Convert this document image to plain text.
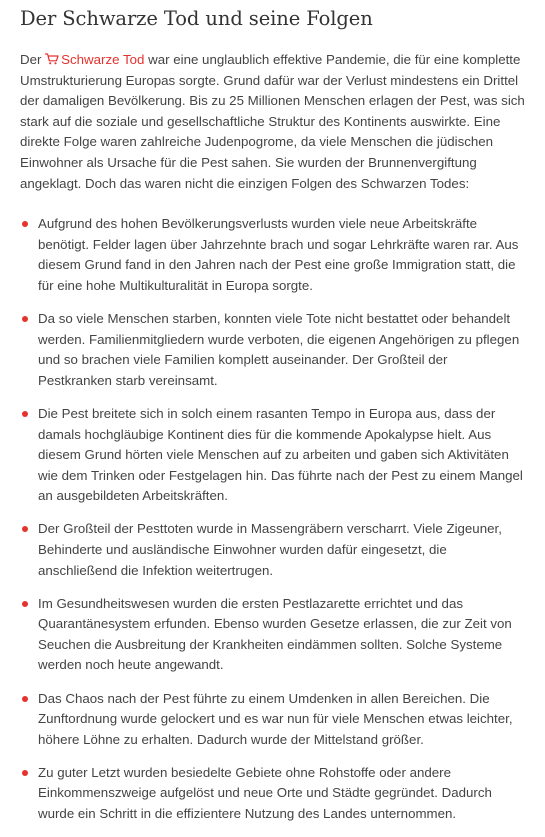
Der Schwarze Tod und seine Folgen

Der Schwarze Tod war eine unglaublich effektive Pandemie, die für eine komplette Umstrukturierung Europas sorgte. Grund dafür war der Verlust mindestens ein Drittel der damaligen Bevölkerung. Bis zu 25 Millionen Menschen erlagen der Pest, was sich stark auf die soziale und gesellschaftliche Struktur des Kontinents auswirkte. Eine direkte Folge waren zahlreiche Judenpogrome, da viele Menschen die jüdischen Einwohner als Ursache für die Pest sahen. Sie wurden der Brunnenvergiftung angeklagt. Doch das waren nicht die einzigen Folgen des Schwarzen Todes:

Aufgrund des hohen Bevölkerungsverlusts wurden viele neue Arbeitskräfte benötigt. Felder lagen über Jahrzehnte brach und sogar Lehrkräfte waren rar. Aus diesem Grund fand in den Jahren nach der Pest eine große Immigration statt, die für eine hohe Multikulturalität in Europa sorgte.
Da so viele Menschen starben, konnten viele Tote nicht bestattet oder behandelt werden. Familienmitgliedern wurde verboten, die eigenen Angehörigen zu pflegen und so brachen viele Familien komplett auseinander. Der Großteil der Pestkranken starb vereinsamt.
Die Pest breitete sich in solch einem rasanten Tempo in Europa aus, dass der damals hochgläubige Kontinent dies für die kommende Apokalypse hielt. Aus diesem Grund hörten viele Menschen auf zu arbeiten und gaben sich Aktivitäten wie dem Trinken oder Festgelagen hin. Das führte nach der Pest zu einem Mangel an ausgebildeten Arbeitskräften.
Der Großteil der Pesttoten wurde in Massengräbern verscharrt. Viele Zigeuner, Behinderte und ausländische Einwohner wurden dafür eingesetzt, die anschließend die Infektion weitertrugen.
Im Gesundheitswesen wurden die ersten Pestlazarette errichtet und das Quarantänesystem erfunden. Ebenso wurden Gesetze erlassen, die zur Zeit von Seuchen die Ausbreitung der Krankheiten eindämmen sollten. Solche Systeme werden noch heute angewandt.
Das Chaos nach der Pest führte zu einem Umdenken in allen Bereichen. Die Zunftordnung wurde gelockert und es war nun für viele Menschen etwas leichter, höhere Löhne zu erhalten. Dadurch wurde der Mittelstand größer.
Zu guter Letzt wurden besiedelte Gebiete ohne Rohstoffe oder andere Einkommenszweige aufgelöst und neue Orte und Städte gegründet. Dadurch wurde ein Schritt in die effizientere Nutzung des Landes unternommen.
